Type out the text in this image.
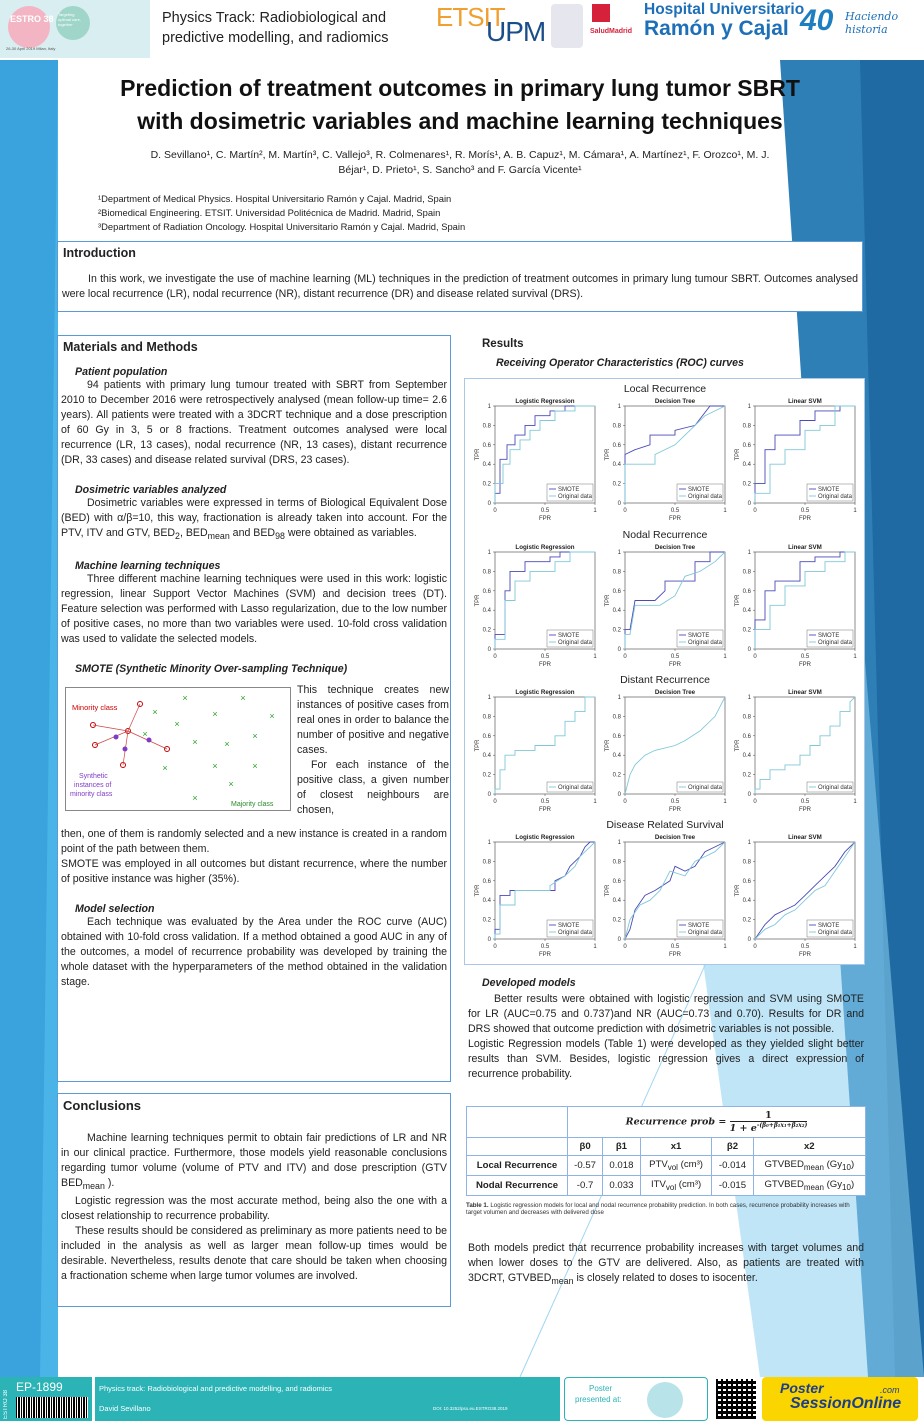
ESTRO 38 Targeting optimal care, together
26-30 April 2019 Milan, Italy
Physics Track: Radiobiological and
predictive modelling, and radiomics
ETSIT
UPM	SaludMadrid
Hospital Universitario
Ramón y Cajal 40 Haciendo historia
Prediction of treatment outcomes in primary lung tumor SBRT
with dosimetric variables and machine learning techniques
D. Sevillano¹, C. Martín², M. Martín³, C. Vallejo³, R. Colmenares¹, R. Morís¹, A. B. Capuz¹, M. Cámara¹, A. Martínez¹, F. Orozco¹, M. J.
Béjar¹, D. Prieto¹, S. Sancho³ and F. García Vicente¹
¹Department of Medical Physics. Hospital Universitario Ramón y Cajal. Madrid, Spain
²Biomedical Engineering. ETSIT. Universidad Politécnica de Madrid. Madrid, Spain
³Department of Radiation Oncology. Hospital Universitario Ramón y Cajal. Madrid, Spain
Introduction

In this work, we investigate the use of machine learning (ML) techniques in the prediction of treatment outcomes in primary lung tumour SBRT. Outcomes analysed were local recurrence (LR), nodal recurrence (NR), distant recurrence (DR) and disease related survival (DRS).

Materials and Methods

Patient population

94 patients with primary lung tumour treated with SBRT from September 2010 to December 2016 were retrospectively analysed (mean follow-up time= 2.6 years). All patients were treated with a 3DCRT technique and a dose prescription of 60 Gy in 3, 5 or 8 fractions. Treatment outcomes analysed were local recurrence (LR, 13 cases), nodal recurrence (NR, 13 cases), distant recurrence (DR, 33 cases) and disease related survival (DRS, 23 cases).

Dosimetric variables analyzed

Dosimetric variables were expressed in terms of Biological Equivalent Dose (BED) with α/β=10, this way, fractionation is already taken into account. For the PTV, ITV and GTV, $BED_2$, $BED_{mean}$ and $BED_{98}$ were obtained as variables.

Machine learning techniques

Three different machine learning techniques were used in this work: logistic regression, linear Support Vector Machines (SVM) and decision trees (DT). Feature selection was performed with Lasso regularization, due to the low number of positive cases, no more than two variables were used. 10-fold cross validation was used to validate the selected models.

SMOTE (Synthetic Minority Over-sampling Technique)

×	×
×	×	×
×
×
×	×
×
×	×	×
×
×
Minority class
Synthetic
instances of
minority class
Majority class

This technique creates new instances of positive cases from real ones in order to balance the number of positive and negative cases.

For each instance of the positive class, a given number of closest neighbours are chosen,

then, one of them is randomly selected and a new instance is created in a random point of the path between them.

SMOTE was employed in all outcomes but distant recurrence, where the number of positive instance was higher (35%).

Model selection

Each technique was evaluated by the Area under the ROC curve (AUC) obtained with 10-fold cross validation. If a method obtained a good AUC in any of the outcomes, a model of recurrence probability was developed by training the whole dataset with the hyperparameters of the method obtained in the validation stage.

Conclusions

Machine learning techniques permit to obtain fair predictions of LR and NR in our clinical practice. Furthermore, those models yield reasonable conclusions regarding tumor volume (volume of PTV and ITV) and dose prescription (GTV $BED_{mean}$ ).

Logistic regression was the most accurate method, being also the one with a closest relationship to recurrence probability.

These results should be considered as preliminary as more patients need to be included in the analysis as well as larger mean follow-up times would be desirable. Nevertheless, results denote that care should be taken when choosing a fractionation scheme when large tumor volumes are involved.

Results
Receiving Operator Characteristics (ROC) curves
Local Recurrence
Logistic Regression
0
0.2
0.4
0.6
0.8
1
0	0.5	1
FPR
TPR
SMOTE
Original data
Decision Tree
0
0.2
0.4
0.6
0.8
1
0	0.5	1
FPR
TPR
SMOTE
Original data
Linear SVM
0
0.2
0.4
0.6
0.8
1
0	0.5	1
FPR
TPR
SMOTE
Original data
Nodal Recurrence
Logistic Regression
0
0.2
0.4
0.6
0.8
1
0	0.5	1
FPR
TPR
SMOTE
Original data
Decision Tree
0
0.2
0.4
0.6
0.8
1
0	0.5	1
FPR
TPR
SMOTE
Original data
Linear SVM
0
0.2
0.4
0.6
0.8
1
0	0.5	1
FPR
TPR
SMOTE
Original data
Distant Recurrence
Logistic Regression
0
0.2
0.4
0.6
0.8
1
0	0.5	1
FPR
TPR
Original data
Decision Tree
0
0.2
0.4
0.6
0.8
1
0	0.5	1
FPR
TPR
Original data
Linear SVM
0
0.2
0.4
0.6
0.8
1
0	0.5	1
FPR
TPR
Original data
Disease Related Survival
Logistic Regression
0
0.2
0.4
0.6
0.8
1
0	0.5	1
FPR
TPR
SMOTE
Original data
Decision Tree
0
0.2
0.4
0.6
0.8
1
0	0.5	1
FPR
TPR
SMOTE
Original data
Linear SVM
0
0.2
0.4
0.6
0.8
1
0	0.5	1
FPR
TPR
SMOTE
Original data
Developed models

Better results were obtained with logistic regression and SVM using SMOTE for LR (AUC=0.75 and 0.737)and NR (AUC=0.73 and 0.70). Results for DR and DRS showed that outcome prediction with dosimetric variables is not possible.

Logistic Regression models (Table 1) were developed as they yielded slight better results than SVM. Besides, logistic regression gives a direct expression of recurrence probability.

	Recurrence prob = $\frac{1}{1 + e^{-(\beta_0+\beta_1x_1+\beta_2x_2)}}$

	β0	β1	x1	β2	x2
Local Recurrence	-0.57	0.018	$PTV_{vol}$ (cm³)	-0.014	$GTVBED_{mean}$ $(Gy_{10})$
Nodal Recurrence	-0.7	0.033	$ITV_{vol}$ (cm³)	-0.015	$GTVBED_{mean}$ $(Gy_{10})$
Table 1. Logistic regression models for local and nodal recurrence probability prediction. In both cases, recurrence probability increases with target volumen and decreases with delivered dose

Both models predict that recurrence probability increases with target volumes and when lower doses to the GTV are delivered. Also, as patients are treated with 3DCRT, $GTVBED_{mean}$ is closely related to doses to isocenter.

ESTRO 38
EP-1899	Physics track: Radiobiological and predictive modelling, and radiomics
David Sevillano	DOI: 10.3252/pso.eu.ESTRO38.2019
Poster
presented at:
Poster
SessionOnline
.com
